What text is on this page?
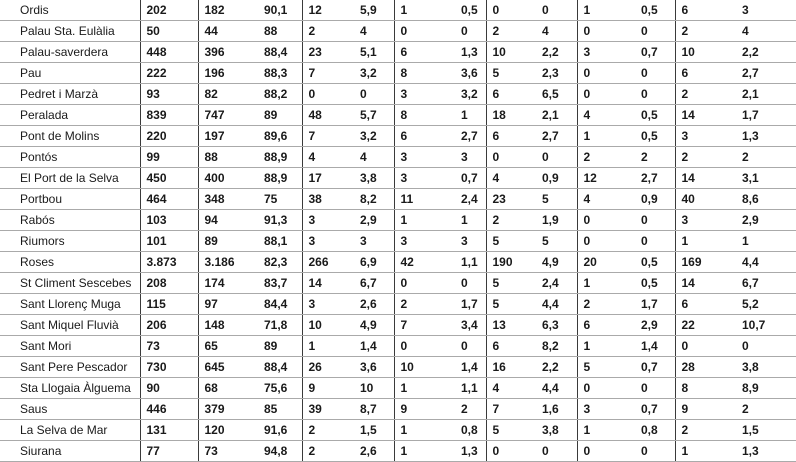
Ordis	202	182	90,1	12	5,9	1	0,5	0	0	1	0,5	6	3
Palau Sta. Eulàlia	50	44	88	2	4	0	0	2	4	0	0	2	4
Palau-saverdera	448	396	88,4	23	5,1	6	1,3	10	2,2	3	0,7	10	2,2
Pau	222	196	88,3	7	3,2	8	3,6	5	2,3	0	0	6	2,7
Pedret i Marzà	93	82	88,2	0	0	3	3,2	6	6,5	0	0	2	2,1
Peralada	839	747	89	48	5,7	8	1	18	2,1	4	0,5	14	1,7
Pont de Molins	220	197	89,6	7	3,2	6	2,7	6	2,7	1	0,5	3	1,3
Pontós	99	88	88,9	4	4	3	3	0	0	2	2	2	2
El Port de la Selva	450	400	88,9	17	3,8	3	0,7	4	0,9	12	2,7	14	3,1
Portbou	464	348	75	38	8,2	11	2,4	23	5	4	0,9	40	8,6
Rabós	103	94	91,3	3	2,9	1	1	2	1,9	0	0	3	2,9
Riumors	101	89	88,1	3	3	3	3	5	5	0	0	1	1
Roses	3.873	3.186	82,3	266	6,9	42	1,1	190	4,9	20	0,5	169	4,4
St Climent Sescebes	208	174	83,7	14	6,7	0	0	5	2,4	1	0,5	14	6,7
Sant Llorenç Muga	115	97	84,4	3	2,6	2	1,7	5	4,4	2	1,7	6	5,2
Sant Miquel Fluvià	206	148	71,8	10	4,9	7	3,4	13	6,3	6	2,9	22	10,7
Sant Mori	73	65	89	1	1,4	0	0	6	8,2	1	1,4	0	0
Sant Pere Pescador	730	645	88,4	26	3,6	10	1,4	16	2,2	5	0,7	28	3,8
Sta Llogaia Àlguema	90	68	75,6	9	10	1	1,1	4	4,4	0	0	8	8,9
Saus	446	379	85	39	8,7	9	2	7	1,6	3	0,7	9	2
La Selva de Mar	131	120	91,6	2	1,5	1	0,8	5	3,8	1	0,8	2	1,5
Siurana	77	73	94,8	2	2,6	1	1,3	0	0	0	0	1	1,3
